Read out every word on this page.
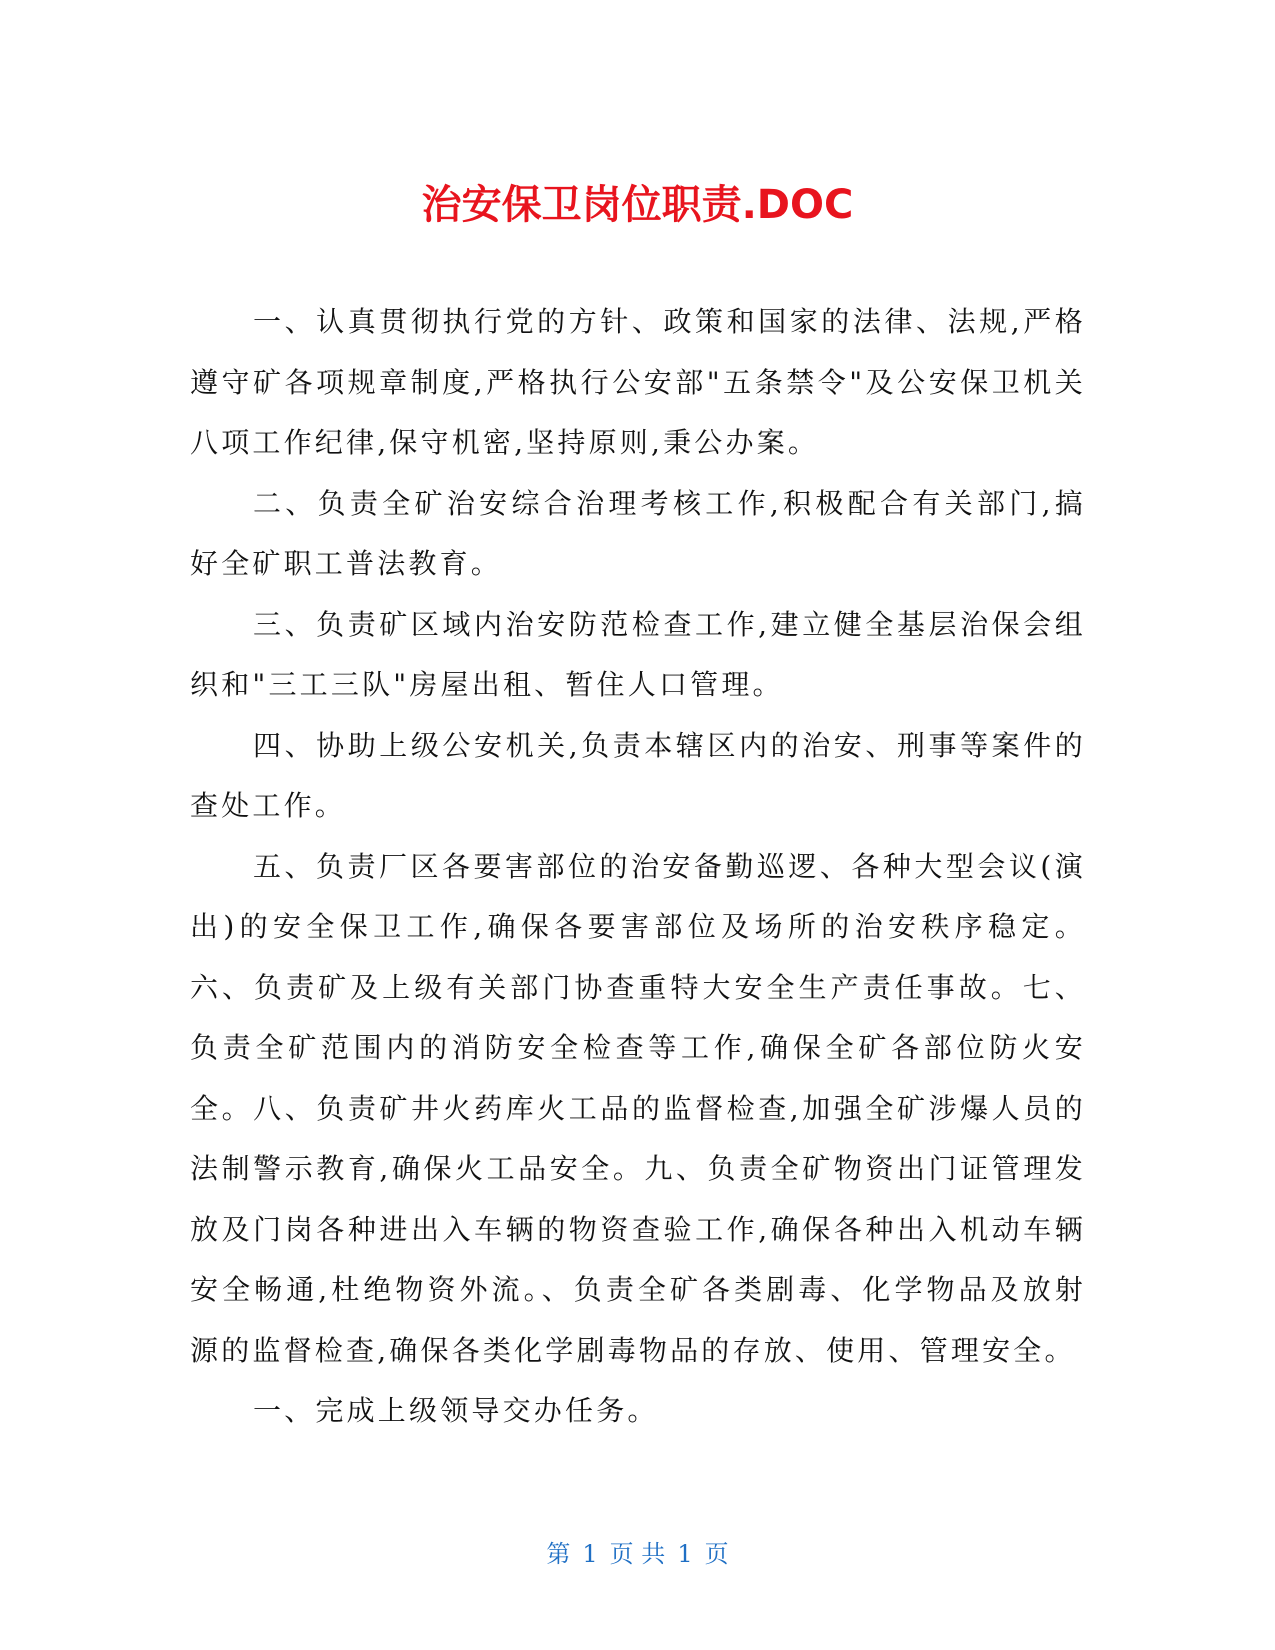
治安保卫岗位职责.DOC

一、认真贯彻执行党的方针、政策和国家的法律、法规,严格遵守矿各项规章制度,严格执行公安部"五条禁令"及公安保卫机关八项工作纪律,保守机密,坚持原则,秉公办案。

二、负责全矿治安综合治理考核工作,积极配合有关部门,搞好全矿职工普法教育。

三、负责矿区域内治安防范检查工作,建立健全基层治保会组织和"三工三队"房屋出租、暂住人口管理。

四、协助上级公安机关,负责本辖区内的治安、刑事等案件的查处工作。

五、负责厂区各要害部位的治安备勤巡逻、各种大型会议(演出)的安全保卫工作,确保各要害部位及场所的治安秩序稳定。六、负责矿及上级有关部门协查重特大安全生产责任事故。七、负责全矿范围内的消防安全检查等工作,确保全矿各部位防火安全。八、负责矿井火药库火工品的监督检查,加强全矿涉爆人员的法制警示教育,确保火工品安全。九、负责全矿物资出门证管理发放及门岗各种进出入车辆的物资查验工作,确保各种出入机动车辆安全畅通,杜绝物资外流。、负责全矿各类剧毒、化学物品及放射源的监督检查,确保各类化学剧毒物品的存放、使用、管理安全。

一、完成上级领导交办任务。

第 1 页 共 1 页
